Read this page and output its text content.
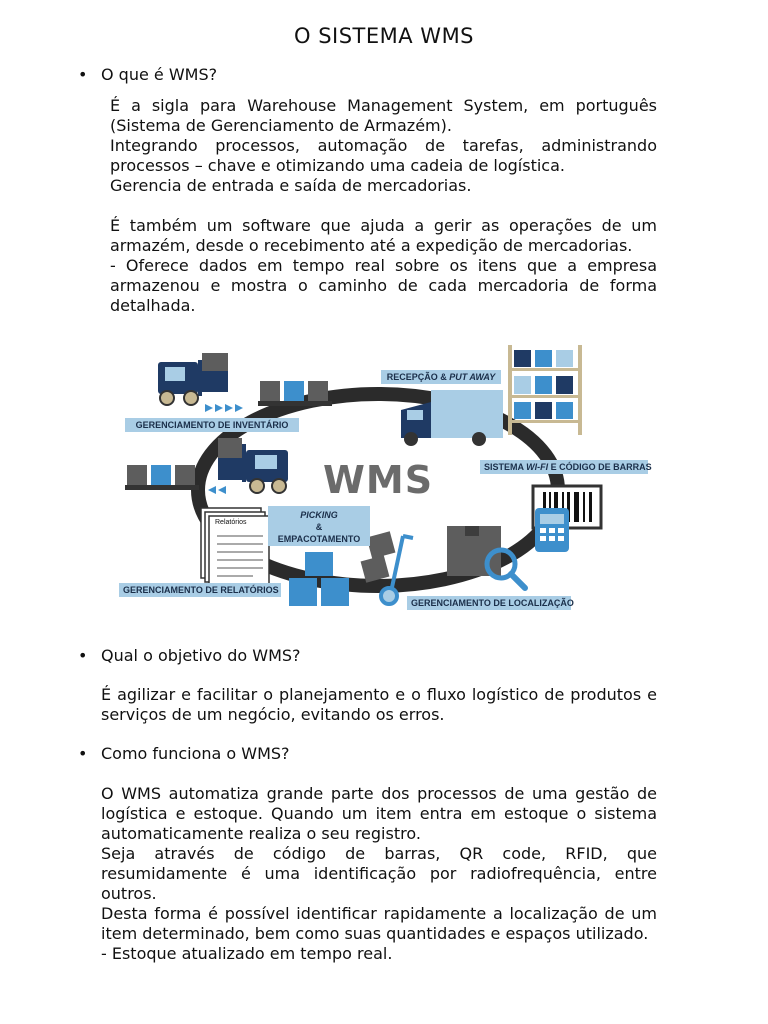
O SISTEMA WMS
• O que é WMS?

É a sigla para Warehouse Management System, em português (Sistema de Gerenciamento de Armazém).

Integrando processos, automação de tarefas, administrando processos – chave e otimizando uma cadeia de logística.

Gerencia de entrada e saída de mercadorias.

É também um software que ajuda a gerir as operações de um armazém, desde o recebimento até a expedição de mercadorias.

- Oferece dados em tempo real sobre os itens que a empresa armazenou e mostra o caminho de cada mercadoria de forma detalhada.

WMS
GERENCIAMENTO DE INVENTÁRIO
RECEPÇÃO & PUT AWAY
SISTEMA WI-FI E CÓDIGO DE BARRAS
PICKING
&
EMPACOTAMENTO
GERENCIAMENTO DE RELATÓRIOS
GERENCIAMENTO DE LOCALIZAÇÃO
Relatórios
• Qual o objetivo do WMS?

É agilizar e facilitar o planejamento e o fluxo logístico de produtos e serviços de um negócio, evitando os erros.

• Como funciona o WMS?

O WMS automatiza grande parte dos processos de uma gestão de logística e estoque. Quando um item entra em estoque o sistema automaticamente realiza o seu registro.

Seja através de código de barras, QR code, RFID, que resumidamente é uma identificação por radiofrequência, entre outros.

Desta forma é possível identificar rapidamente a localização de um item determinado, bem como suas quantidades e espaços utilizado.

- Estoque atualizado em tempo real.
